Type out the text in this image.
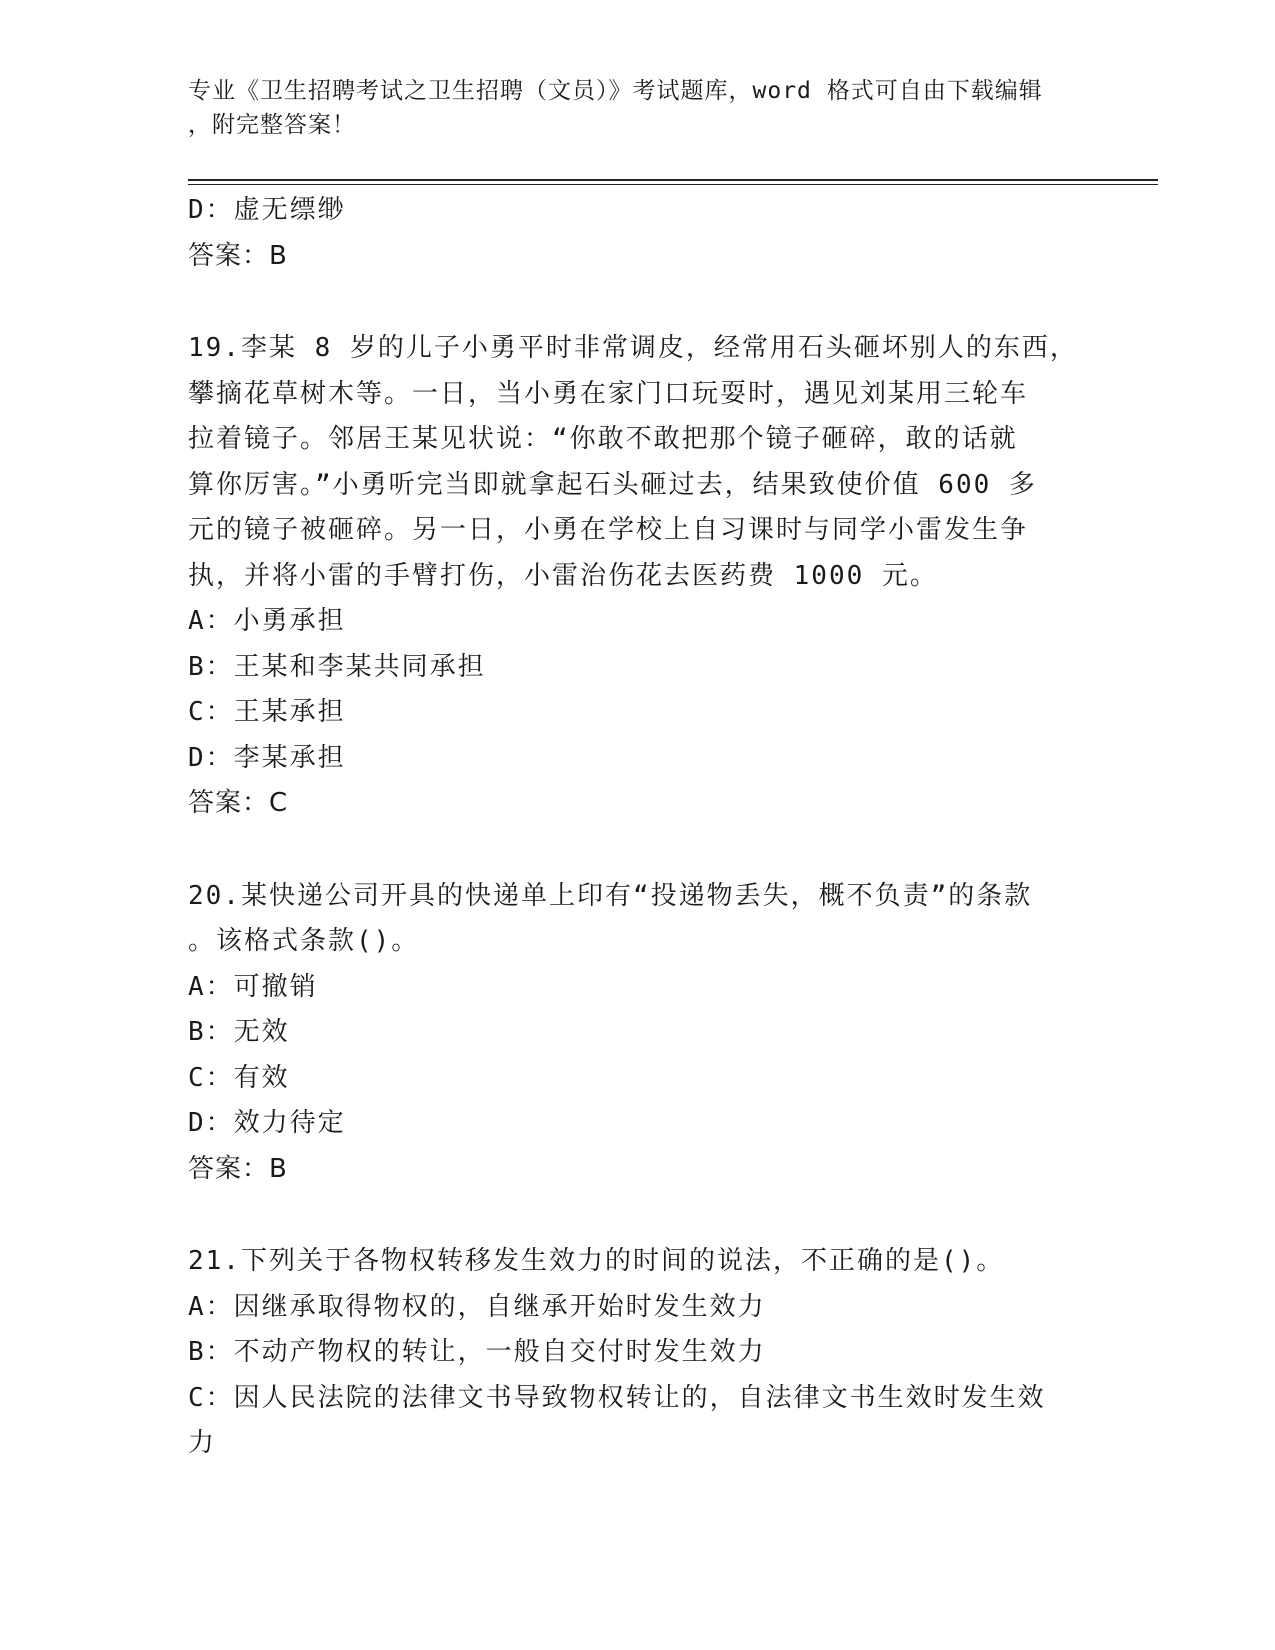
专业《卫生招聘考试之卫生招聘（文员）》考试题库，word 格式可自由下载编辑
，附完整答案！
D：虚无缥缈
答案：B
19.李某 8 岁的儿子小勇平时非常调皮，经常用石头砸坏别人的东西，
攀摘花草树木等。一日，当小勇在家门口玩耍时，遇见刘某用三轮车
拉着镜子。邻居王某见状说：“你敢不敢把那个镜子砸碎，敢的话就
算你厉害。”小勇听完当即就拿起石头砸过去，结果致使价值 600 多
元的镜子被砸碎。另一日，小勇在学校上自习课时与同学小雷发生争
执，并将小雷的手臂打伤，小雷治伤花去医药费 1000 元。
A：小勇承担
B：王某和李某共同承担
C：王某承担
D：李某承担
答案：C
20.某快递公司开具的快递单上印有“投递物丢失，概不负责”的条款
。该格式条款()。
A：可撤销
B：无效
C：有效
D：效力待定
答案：B
21.下列关于各物权转移发生效力的时间的说法，不正确的是()。
A：因继承取得物权的，自继承开始时发生效力
B：不动产物权的转让，一般自交付时发生效力
C：因人民法院的法律文书导致物权转让的，自法律文书生效时发生效
力
